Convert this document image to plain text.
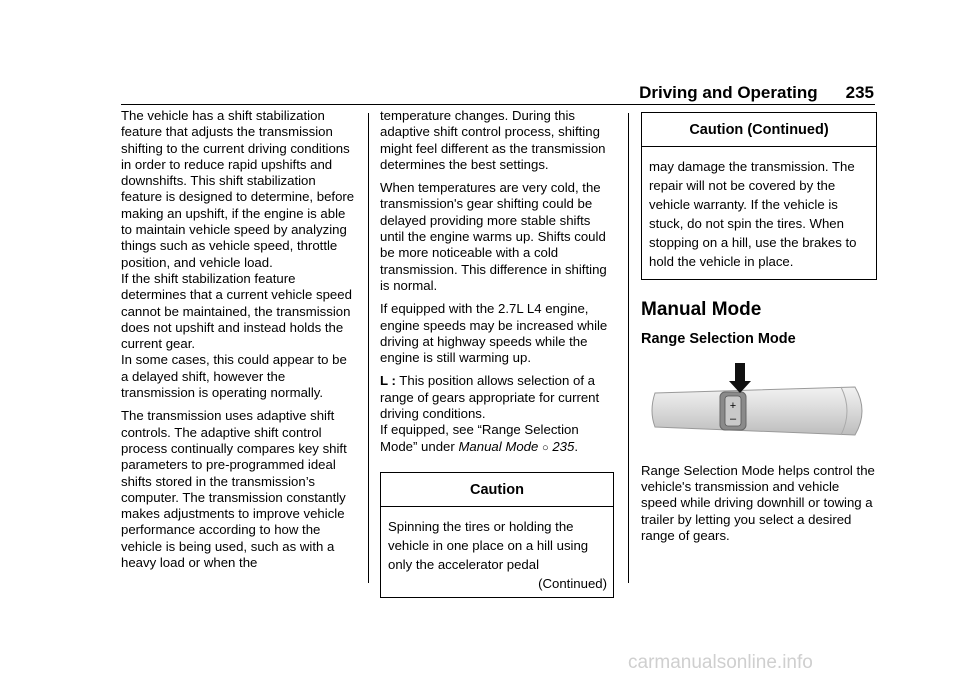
Driving and Operating 235

The vehicle has a shift stabilization feature that adjusts the transmission shifting to the current driving conditions in order to reduce rapid upshifts and downshifts. This shift stabilization feature is designed to determine, before making an upshift, if the engine is able to maintain vehicle speed by analyzing things such as vehicle speed, throttle position, and vehicle load.

If the shift stabilization feature determines that a current vehicle speed cannot be maintained, the transmission does not upshift and instead holds the current gear.

In some cases, this could appear to be a delayed shift, however the transmission is operating normally.

The transmission uses adaptive shift controls. The adaptive shift control process continually compares key shift parameters to pre-programmed ideal shifts stored in the transmission’s computer. The transmission constantly makes adjustments to improve vehicle performance according to how the vehicle is being used, such as with a heavy load or when the

temperature changes. During this adaptive shift control process, shifting might feel different as the transmission determines the best settings.

When temperatures are very cold, the transmission's gear shifting could be delayed providing more stable shifts until the engine warms up. Shifts could be more noticeable with a cold transmission. This difference in shifting is normal.

If equipped with the 2.7L L4 engine, engine speeds may be increased while driving at highway speeds while the engine is still warming up.

L : This position allows selection of a range of gears appropriate for current driving conditions.

If equipped, see “Range Selection Mode” under Manual Mode ○ 235.

Caution
Spinning the tires or holding the vehicle in one place on a hill using only the accelerator pedal
(Continued)
Caution (Continued)
may damage the transmission. The repair will not be covered by the vehicle warranty. If the vehicle is stuck, do not spin the tires. When stopping on a hill, use the brakes to hold the vehicle in place.
Manual Mode
Range Selection Mode
+
–

Range Selection Mode helps control the vehicle's transmission and vehicle speed while driving downhill or towing a trailer by letting you select a desired range of gears.

carmanualsonline.info
